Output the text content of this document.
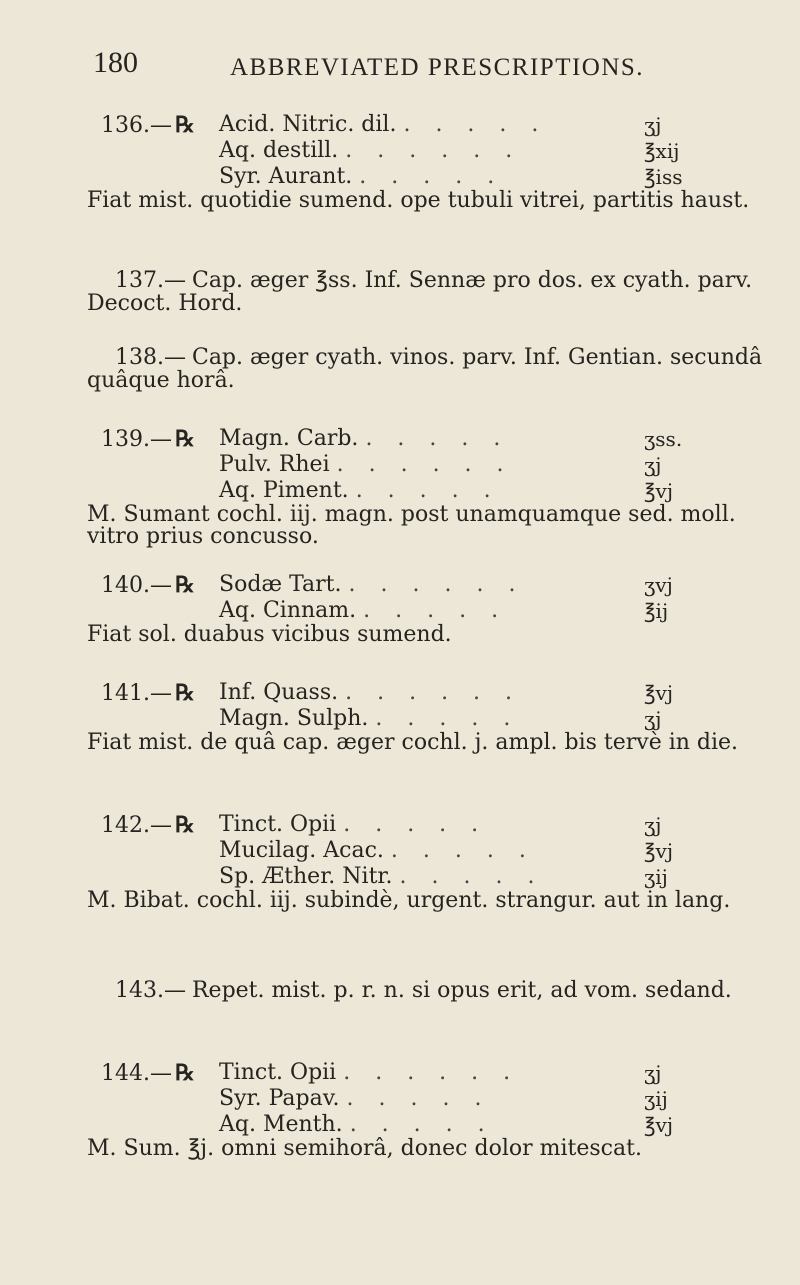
180	ABBREVIATED PRESCRIPTIONS.
136.— ℞ Acid. Nitric. dil. . . . . .	ʒj
Aq. destill. . . . . . .	℥xij
Syr. Aurant. . . . . .	℥iss
Fiat mist. quotidie sumend. ope tubuli vitrei, partitis haust.
137.— Cap. æger ℥ss. Inf. Sennæ pro dos. ex cyath. parv. Decoct. Hord.
138.— Cap. æger cyath. vinos. parv. Inf. Gentian. secundâ quâque horâ.
139.— ℞ Magn. Carb. . . . . .	ʒss.
Pulv. Rhei . . . . . .	ʒj
Aq. Piment. . . . . .	℥vj
M. Sumant cochl. iij. magn. post unamquamque sed. moll. vitro prius concusso.
140.— ℞ Sodæ Tart. . . . . . .	ʒvj
Aq. Cinnam. . . . . .	℥ij
Fiat sol. duabus vicibus sumend.
141.— ℞ Inf. Quass. . . . . . .	℥vj
Magn. Sulph. . . . . .	ʒj
Fiat mist. de quâ cap. æger cochl. j. ampl. bis tervè in die.
142.— ℞ Tinct. Opii . . . . .	ʒj
Mucilag. Acac. . . . . .	℥vj
Sp. Æther. Nitr. . . . . .	ʒij
M. Bibat. cochl. iij. subindè, urgent. strangur. aut in lang.
143.— Repet. mist. p. r. n. si opus erit, ad vom. sedand.
144.— ℞ Tinct. Opii . . . . . .	ʒj
Syr. Papav. . . . . .	ʒij
Aq. Menth. . . . . .	℥vj
M. Sum. ℥j. omni semihorâ, donec dolor mitescat.
